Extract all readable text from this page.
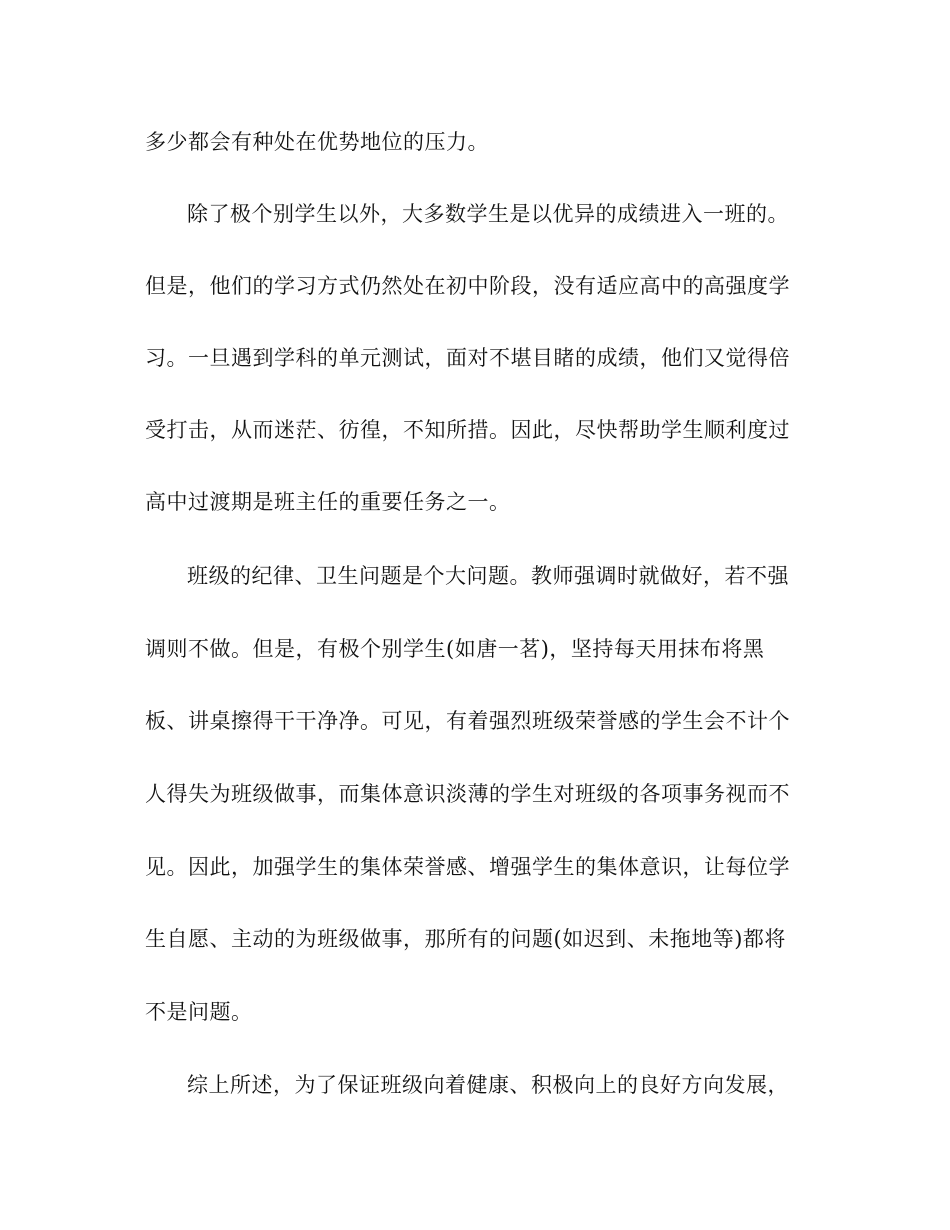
多少都会有种处在优势地位的压力。
除了极个别学生以外，大多数学生是以优异的成绩进入一班的。
但是，他们的学习方式仍然处在初中阶段，没有适应高中的高强度学
习。一旦遇到学科的单元测试，面对不堪目睹的成绩，他们又觉得倍
受打击，从而迷茫、彷徨，不知所措。因此，尽快帮助学生顺利度过
高中过渡期是班主任的重要任务之一。
班级的纪律、卫生问题是个大问题。教师强调时就做好，若不强
调则不做。但是，有极个别学生(如唐一茗)，坚持每天用抹布将黑
板、讲桌擦得干干净净。可见，有着强烈班级荣誉感的学生会不计个
人得失为班级做事，而集体意识淡薄的学生对班级的各项事务视而不
见。因此，加强学生的集体荣誉感、增强学生的集体意识，让每位学
生自愿、主动的为班级做事，那所有的问题(如迟到、未拖地等)都将
不是问题。
综上所述，为了保证班级向着健康、积极向上的良好方向发展，
